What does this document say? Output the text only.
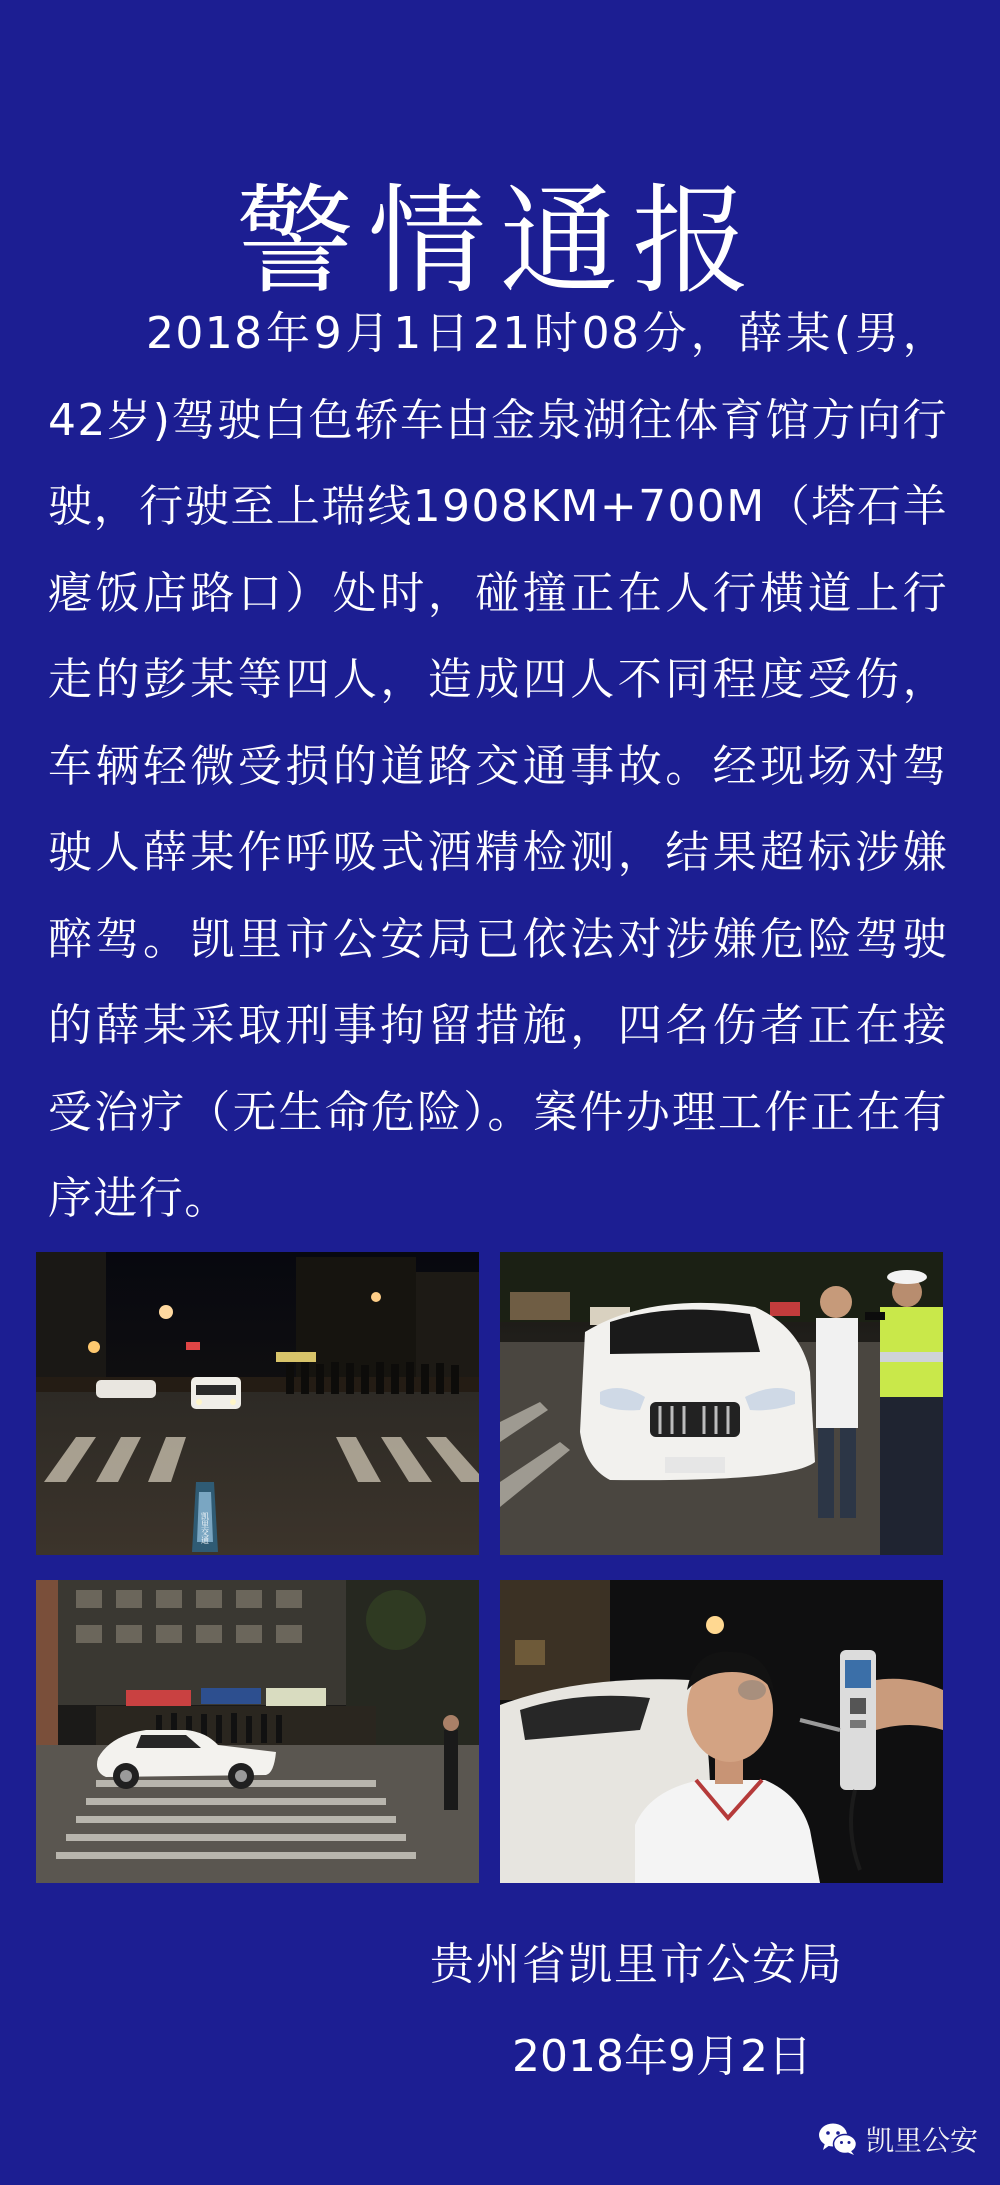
警情通报

2018年9月1日21时08分，薛某(男，42岁)驾驶白色轿车由金泉湖往体育馆方向行驶，行驶至上瑞线1908KM+700M（塔石羊瘪饭店路口）处时，碰撞正在人行横道上行走的彭某等四人，造成四人不同程度受伤，车辆轻微受损的道路交通事故。经现场对驾驶人薛某作呼吸式酒精检测，结果超标涉嫌醉驾。凯里市公安局已依法对涉嫌危险驾驶的薛某采取刑事拘留措施，四名伤者正在接受治疗（无生命危险）。案件办理工作正在有序进行。

凯里交通
贵州省凯里市公安局
2018年9月2日
凯里公安
